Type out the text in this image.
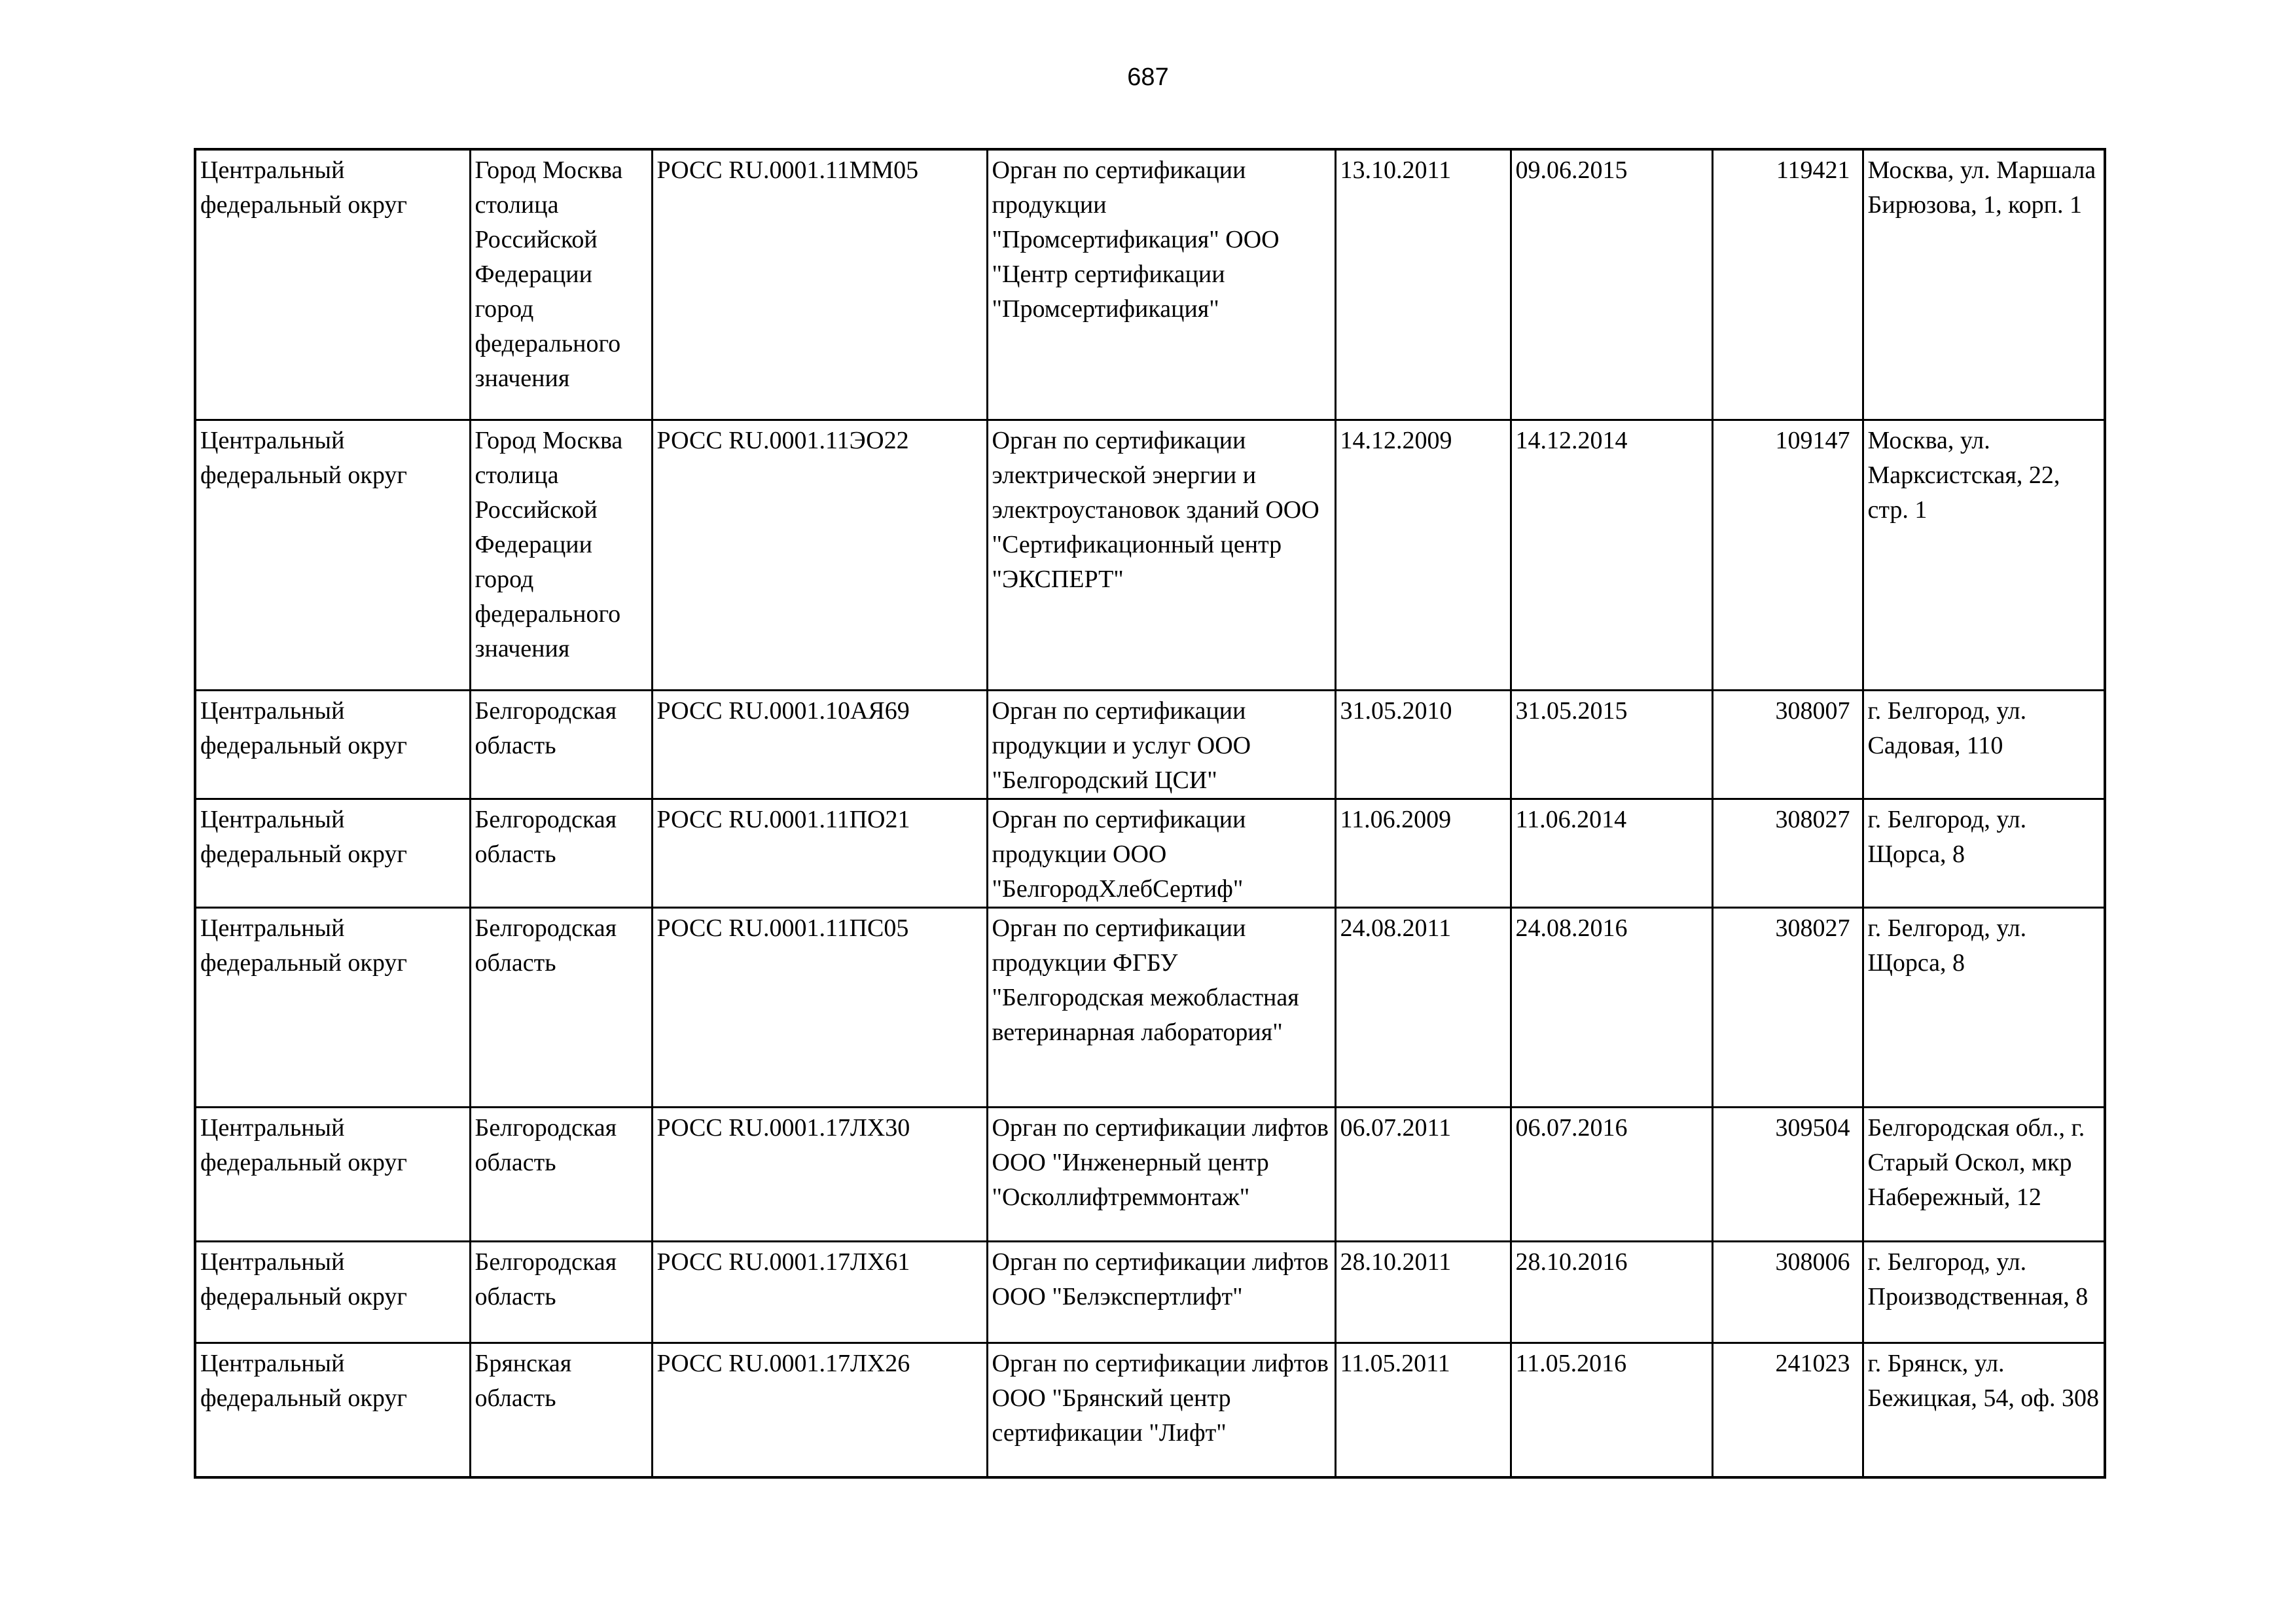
687
Центральный федеральный округ	Город Москва столица Российской Федерации город федерального значения	РОСС RU.0001.11ММ05	Орган по сертификации продукции "Промсертификация" ООО "Центр сертификации "Промсертификация"	13.10.2011	09.06.2015	119421	Москва, ул. Маршала Бирюзова, 1, корп. 1

Центральный федеральный округ	Город Москва столица Российской Федерации город федерального значения	РОСС RU.0001.11ЭО22	Орган по сертификации электрической энергии и электроустановок зданий ООО "Сертификационный центр "ЭКСПЕРТ"	14.12.2009	14.12.2014	109147	Москва, ул. Марксистская, 22, стр. 1

Центральный федеральный округ	Белгородская область	РОСС RU.0001.10АЯ69	Орган по сертификации продукции и услуг ООО "Белгородский ЦСИ"	31.05.2010	31.05.2015	308007	г. Белгород, ул. Садовая, 110

Центральный федеральный округ	Белгородская область	РОСС RU.0001.11ПО21	Орган по сертификации продукции ООО "БелгородХлебСертиф"	11.06.2009	11.06.2014	308027	г. Белгород, ул. Щорса, 8

Центральный федеральный округ	Белгородская область	РОСС RU.0001.11ПС05	Орган по сертификации продукции ФГБУ "Белгородская межобластная ветеринарная лаборатория"	24.08.2011	24.08.2016	308027	г. Белгород, ул. Щорса, 8

Центральный федеральный округ	Белгородская область	РОСС RU.0001.17ЛХ30	Орган по сертификации лифтов ООО "Инженерный центр "Осколлифтреммонтаж"	06.07.2011	06.07.2016	309504	Белгородская обл., г. Старый Оскол, мкр Набережный, 12

Центральный федеральный округ	Белгородская область	РОСС RU.0001.17ЛХ61	Орган по сертификации лифтов ООО "Белэкспертлифт"	28.10.2011	28.10.2016	308006	г. Белгород, ул. Производственная, 8

Центральный федеральный округ	Брянская область	РОСС RU.0001.17ЛХ26	Орган по сертификации лифтов ООО "Брянский центр сертификации "Лифт"	11.05.2011	11.05.2016	241023	г. Брянск, ул. Бежицкая, 54, оф. 308
